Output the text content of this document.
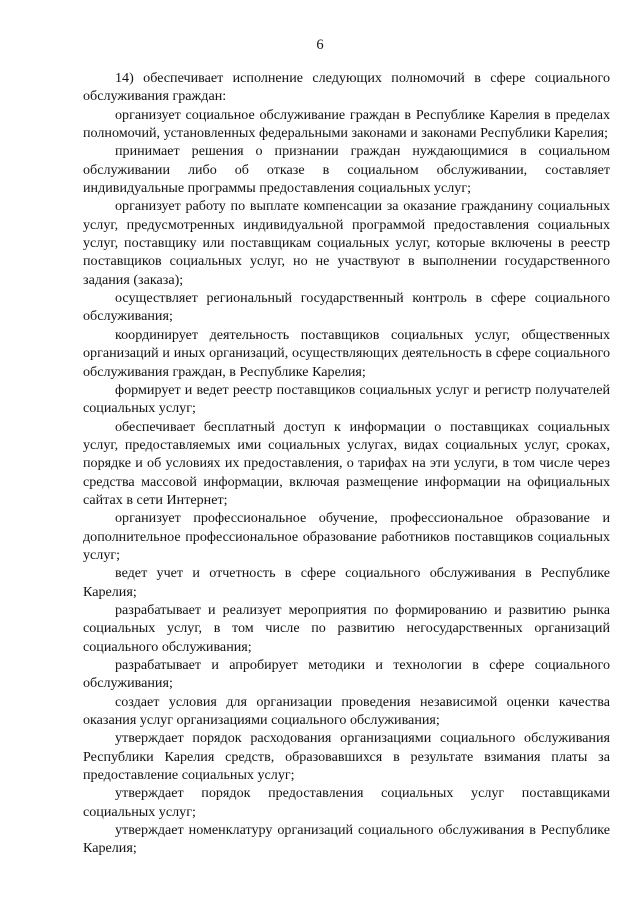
6

14) обеспечивает исполнение следующих полномочий в сфере социального обслуживания граждан:

организует социальное обслуживание граждан в Республике Карелия в пределах полномочий, установленных федеральными законами и законами Республики Карелия;

принимает решения о признании граждан нуждающимися в социальном обслуживании либо об отказе в социальном обслуживании, составляет индивидуальные программы предоставления социальных услуг;

организует работу по выплате компенсации за оказание гражданину социальных услуг, предусмотренных индивидуальной программой предоставления социальных услуг, поставщику или поставщикам социальных услуг, которые включены в реестр поставщиков социальных услуг, но не участвуют в выполнении государственного задания (заказа);

осуществляет региональный государственный контроль в сфере социального обслуживания;

координирует деятельность поставщиков социальных услуг, общественных организаций и иных организаций, осуществляющих деятельность в сфере социального обслуживания граждан, в Республике Карелия;

формирует и ведет реестр поставщиков социальных услуг и регистр получателей социальных услуг;

обеспечивает бесплатный доступ к информации о поставщиках социальных услуг, предоставляемых ими социальных услугах, видах социальных услуг, сроках, порядке и об условиях их предоставления, о тарифах на эти услуги, в том числе через средства массовой информации, включая размещение информации на официальных сайтах в сети Интернет;

организует профессиональное обучение, профессиональное образование и дополнительное профессиональное образование работников поставщиков социальных услуг;

ведет учет и отчетность в сфере социального обслуживания в Республике Карелия;

разрабатывает и реализует мероприятия по формированию и развитию рынка социальных услуг, в том числе по развитию негосударственных организаций социального обслуживания;

разрабатывает и апробирует методики и технологии в сфере социального обслуживания;

создает условия для организации проведения независимой оценки качества оказания услуг организациями социального обслуживания;

утверждает порядок расходования организациями социального обслуживания Республики Карелия средств, образовавшихся в результате взимания платы за предоставление социальных услуг;

утверждает порядок предоставления социальных услуг поставщиками социальных услуг;

утверждает номенклатуру организаций социального обслуживания в Республике Карелия;
